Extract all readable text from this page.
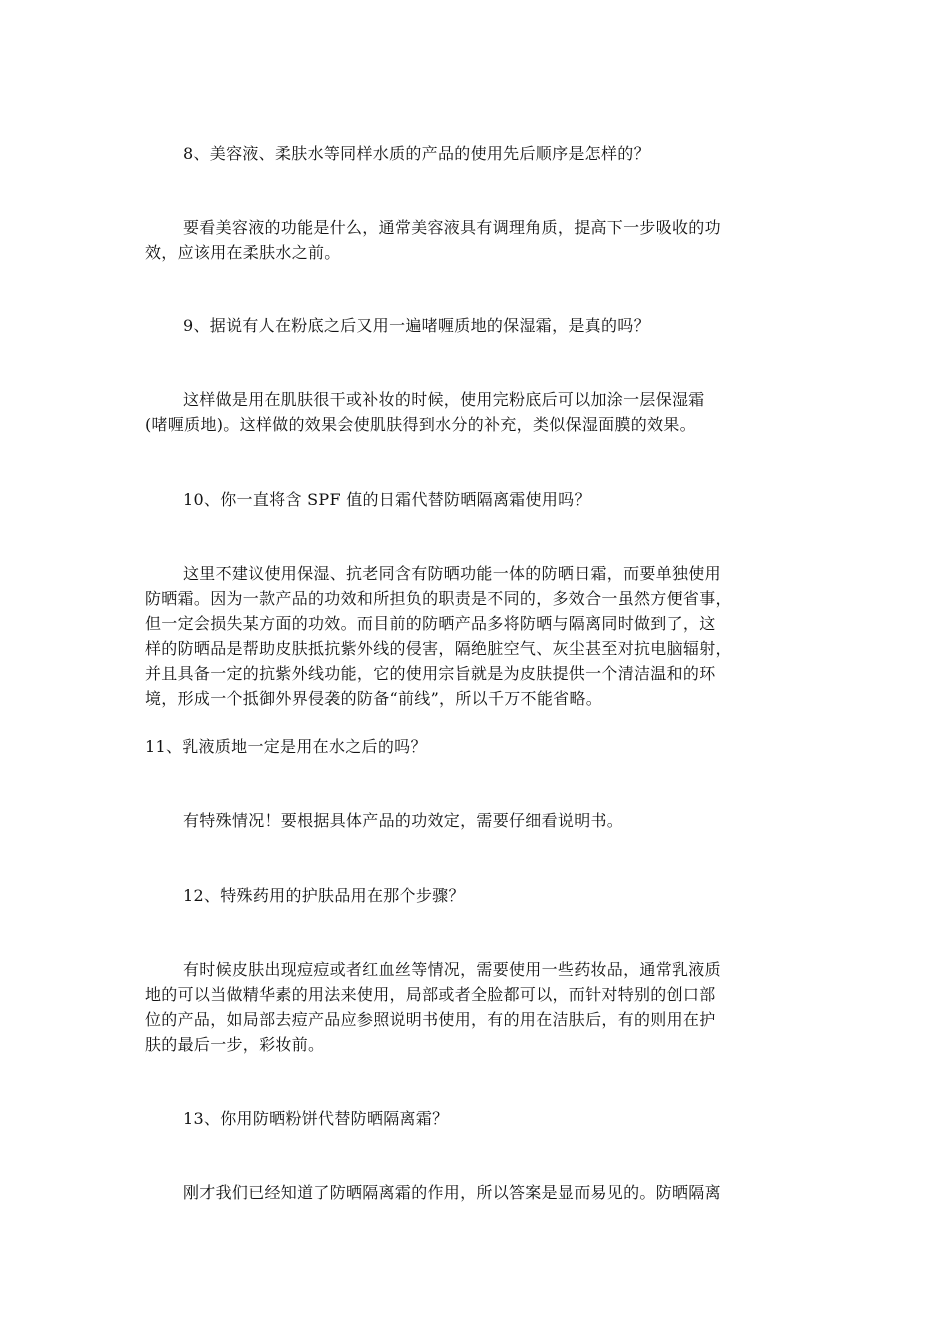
8、美容液、柔肤水等同样水质的产品的使用先后顺序是怎样的？
要看美容液的功能是什么，通常美容液具有调理角质，提高下一步吸收的功
效，应该用在柔肤水之前。
9、据说有人在粉底之后又用一遍啫喱质地的保湿霜，是真的吗？
这样做是用在肌肤很干或补妆的时候，使用完粉底后可以加涂一层保湿霜
(啫喱质地)。这样做的效果会使肌肤得到水分的补充，类似保湿面膜的效果。
10、你一直将含 SPF 值的日霜代替防晒隔离霜使用吗？
这里不建议使用保湿、抗老同含有防晒功能一体的防晒日霜，而要单独使用
防晒霜。因为一款产品的功效和所担负的职责是不同的，多效合一虽然方便省事，
但一定会损失某方面的功效。而目前的防晒产品多将防晒与隔离同时做到了，这
样的防晒品是帮助皮肤抵抗紫外线的侵害，隔绝脏空气、灰尘甚至对抗电脑辐射，
并且具备一定的抗紫外线功能，它的使用宗旨就是为皮肤提供一个清洁温和的环
境，形成一个抵御外界侵袭的防备“前线”，所以千万不能省略。
11、乳液质地一定是用在水之后的吗？
有特殊情况！要根据具体产品的功效定，需要仔细看说明书。
12、特殊药用的护肤品用在那个步骤？
有时候皮肤出现痘痘或者红血丝等情况，需要使用一些药妆品，通常乳液质
地的可以当做精华素的用法来使用，局部或者全脸都可以，而针对特别的创口部
位的产品，如局部去痘产品应参照说明书使用，有的用在洁肤后，有的则用在护
肤的最后一步，彩妆前。
13、你用防晒粉饼代替防晒隔离霜？
刚才我们已经知道了防晒隔离霜的作用，所以答案是显而易见的。防晒隔离
